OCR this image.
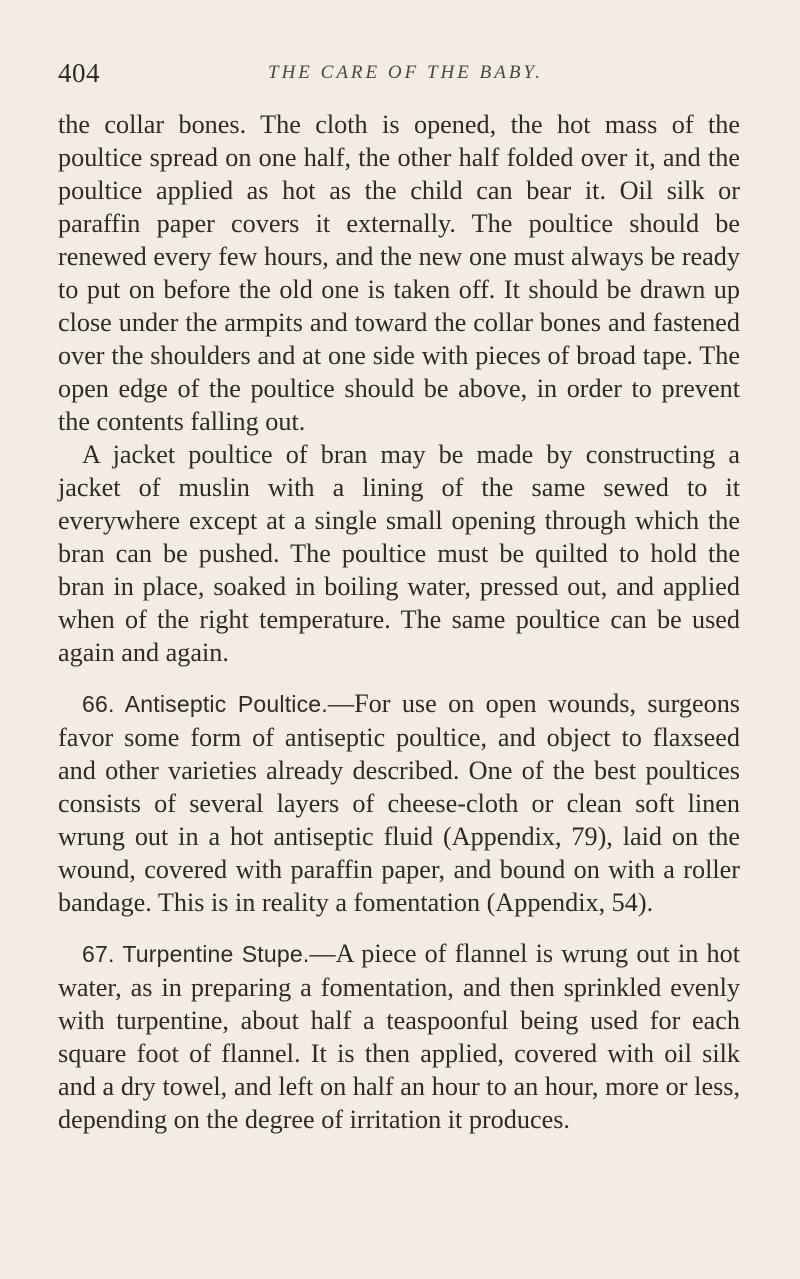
404	THE CARE OF THE BABY.

the collar bones. The cloth is opened, the hot mass of the poultice spread on one half, the other half folded over it, and the poultice applied as hot as the child can bear it. Oil silk or paraffin paper covers it externally. The poultice should be renewed every few hours, and the new one must always be ready to put on before the old one is taken off. It should be drawn up close under the armpits and toward the collar bones and fastened over the shoulders and at one side with pieces of broad tape. The open edge of the poultice should be above, in order to prevent the contents falling out.

A jacket poultice of bran may be made by constructing a jacket of muslin with a lining of the same sewed to it everywhere except at a single small opening through which the bran can be pushed. The poultice must be quilted to hold the bran in place, soaked in boiling water, pressed out, and applied when of the right temperature. The same poultice can be used again and again.

66. Antiseptic Poultice.—For use on open wounds, surgeons favor some form of antiseptic poultice, and object to flaxseed and other varieties already described. One of the best poultices consists of several layers of cheese-cloth or clean soft linen wrung out in a hot antiseptic fluid (Appendix, 79), laid on the wound, covered with paraffin paper, and bound on with a roller bandage. This is in reality a fomentation (Appendix, 54).

67. Turpentine Stupe.—A piece of flannel is wrung out in hot water, as in preparing a fomentation, and then sprinkled evenly with turpentine, about half a teaspoonful being used for each square foot of flannel. It is then applied, covered with oil silk and a dry towel, and left on half an hour to an hour, more or less, depending on the degree of irritation it produces.
